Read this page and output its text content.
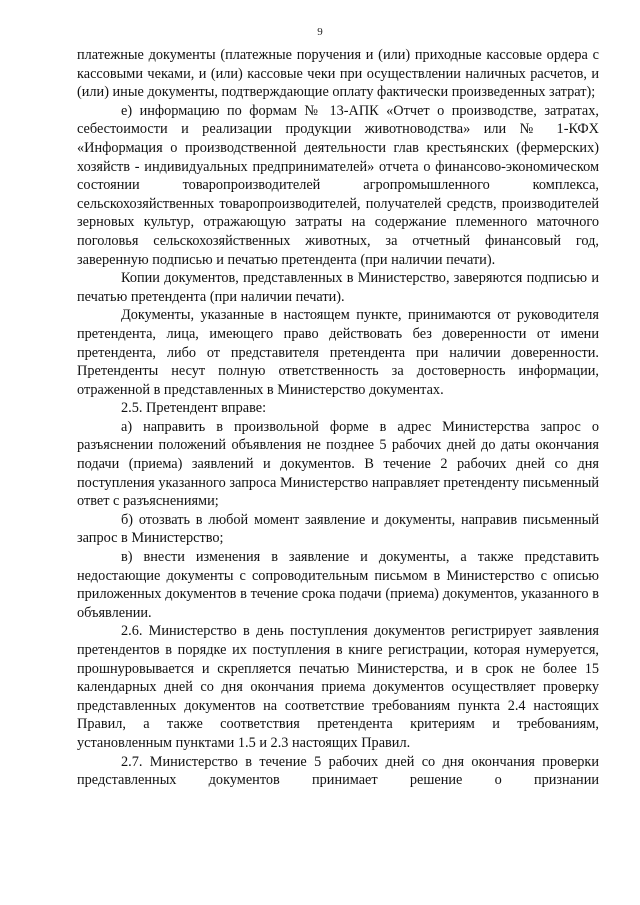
9

платежные документы (платежные поручения и (или) приходные кассовые ордера с кассовыми чеками, и (или) кассовые чеки при осуществлении наличных расчетов, и (или) иные документы, подтверждающие оплату фактически произведенных затрат);

е) информацию по формам № 13-АПК «Отчет о производстве, затратах, себестоимости и реализации продукции животноводства» или № 1-КФХ «Информация о производственной деятельности глав крестьянских (фермерских) хозяйств - индивидуальных предпринимателей» отчета о финансово-экономическом состоянии товаропроизводителей агропромышленного комплекса, сельскохозяйственных товаропроизводителей, получателей средств, производителей зерновых культур, отражающую затраты на содержание племенного маточного поголовья сельскохозяйственных животных, за отчетный финансовый год, заверенную подписью и печатью претендента (при наличии печати).

Копии документов, представленных в Министерство, заверяются подписью и печатью претендента (при наличии печати).

Документы, указанные в настоящем пункте, принимаются от руководителя претендента, лица, имеющего право действовать без доверенности от имени претендента, либо от представителя претендента при наличии доверенности. Претенденты несут полную ответственность за достоверность информации, отраженной в представленных в Министерство документах.

2.5. Претендент вправе:

а) направить в произвольной форме в адрес Министерства запрос о разъяснении положений объявления не позднее 5 рабочих дней до даты окончания подачи (приема) заявлений и документов. В течение 2 рабочих дней со дня поступления указанного запроса Министерство направляет претенденту письменный ответ с разъяснениями;

б) отозвать в любой момент заявление и документы, направив письменный запрос в Министерство;

в) внести изменения в заявление и документы, а также представить недостающие документы с сопроводительным письмом в Министерство с описью приложенных документов в течение срока подачи (приема) документов, указанного в объявлении.

2.6. Министерство в день поступления документов регистрирует заявления претендентов в порядке их поступления в книге регистрации, которая нумеруется, прошнуровывается и скрепляется печатью Министерства, и в срок не более 15 календарных дней со дня окончания приема документов осуществляет проверку представленных документов на соответствие требованиям пункта 2.4 настоящих Правил, а также соответствия претендента критериям и требованиям, установленным пунктами 1.5 и 2.3 настоящих Правил.

2.7. Министерство в течение 5 рабочих дней со дня окончания проверки представленных документов принимает решение о признании
